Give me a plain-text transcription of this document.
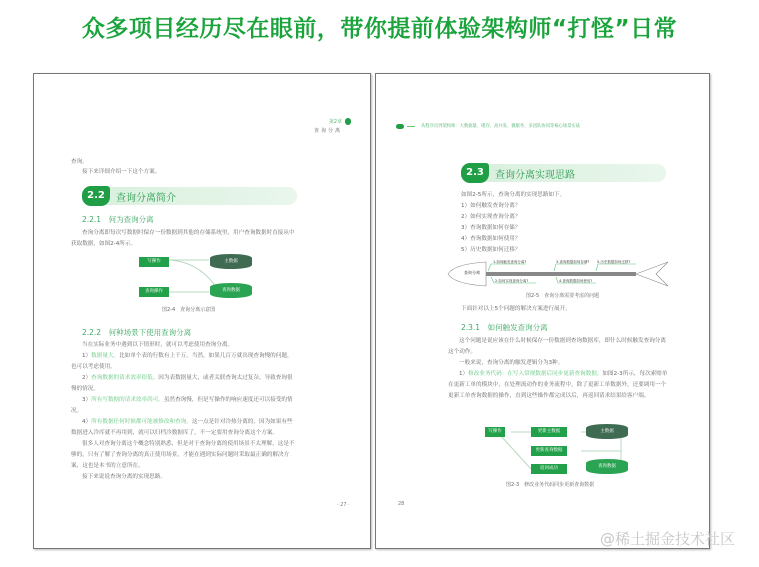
众多项目经历尽在眼前，带你提前体验架构师“打怪”日常
第2章
查询分离
查询。
接下来详细介绍一下这个方案。
2.2	查询分离简介
2.2.1　何为查询分离
查询分离即每次写数据时保存一份数据到其他的存储系统里，用户查询数据时直接从中获取数据，如图2-4所示。
写操作	主数据
查询操作	查询数据
图2-4　查询分离示意图
2.2.2　何种场景下使用查询分离
当在实际业务中遇到以下情形时，就可以考虑使用查询分离。
1）数据量大。比如单个表的行数有上千万。当然，如果几百万就出现查询慢的问题，也可以考虑使用。
2）查询数据的请求效率很低。因为表数据量大，或者关联查询太过复杂，导致查询很慢的情况。
3）所有写数据的请求效率尚可。虽然查询慢，但是写操作的响应速度还可以接受的情况。
4）所有数据任何时候都可能被修改和查询。这一点是针对冷热分离的，因为如果有些数据进入冷库就不再用到，就可以归档冷数据库了，不一定要用查询分离这个方案。
很多人对查询分离这个概念特别熟悉，但是对于查询分离的使用场景不太理解，这是不够的。只有了解了查询分离的真正使用场景，才能在遇到实际问题时采取最正确的解决方案，这也是本书的立意所在。
接下来说说查询分离的实现思路。
· 27 ·
从程序员到架构师：大数据量、缓存、高并发、微服务、多团队协同等核心场景实战
2.3	查询分离实现思路
如图2-5所示，查询分离的实现思路如下。
1）如何触发查询分离？
2）如何实现查询分离？
3）查询数据如何存储？
4）查询数据如何使用？
5）历史数据如何迁移？
查询分离
1.如何触发查询分离?
2.如何实现查询分离?
3.查询数据如何存储?
4.查询数据如何使用?
5.历史数据如何迁移?
图2-5　查询分离需要考虑的问题
下面针对以上5个问题的解决方案进行展开。
2.3.1　如何触发查询分离
这个问题是说应该在什么时候保存一份数据到查询数据库，即什么时候触发查询分离这个动作。
一般来说，查询分离的触发逻辑分为3种。
1）修改业务代码：在写入常规数据后同步更新查询数据。如图2-3所示，每次索赔单在更新工单的模块中，在处理流动作的业务流程中，除了更新工单数据外，还要调用一个更新工单查询数据的操作，直到这些操作都完成以后，再返回请求结果给客户端。
写操作	更新主数据
更新查询数据
返回成功
主数据
查询数据
图2-3　修改业务代码同步更新查询数据
28
@稀土掘金技术社区
